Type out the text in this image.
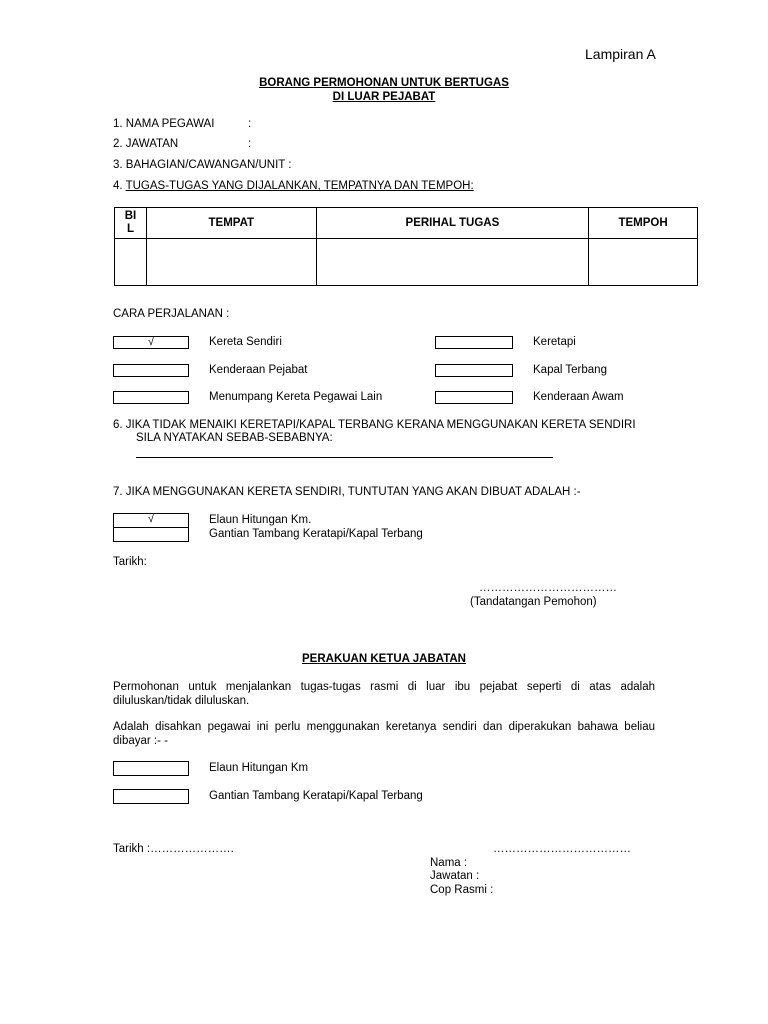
Lampiran A
BORANG PERMOHONAN UNTUK BERTUGAS
DI LUAR PEJABAT
1. NAMA PEGAWAI	:
2. JAWATAN	:
3. BAHAGIAN/CAWANGAN/UNIT :
4. TUGAS-TUGAS YANG DIJALANKAN, TEMPATNYA DAN TEMPOH:
BI
L	TEMPAT	PERIHAL TUGAS	TEMPOH

CARA PERJALANAN :
√	Kereta Sendiri	Keretapi
Kenderaan Pejabat	Kapal Terbang
Menumpang Kereta Pegawai Lain	Kenderaan Awam
6. JIKA TIDAK MENAIKI KERETAPI/KAPAL TERBANG KERANA MENGGUNAKAN KERETA SENDIRI
SILA NYATAKAN SEBAB-SEBABNYA:
7. JIKA MENGGUNAKAN KERETA SENDIRI, TUNTUTAN YANG AKAN DIBUAT ADALAH :-
√	Elaun Hitungan Km.
Gantian Tambang Keratapi/Kapal Terbang
Tarikh:
………………………………
(Tandatangan Pemohon)
PERAKUAN KETUA JABATAN
Permohonan untuk menjalankan tugas-tugas rasmi di luar ibu pejabat seperti di atas adalah diluluskan/tidak diluluskan.
Adalah disahkan pegawai ini perlu menggunakan keretanya sendiri dan diperakukan bahawa beliau dibayar :- -
Elaun Hitungan Km
Gantian Tambang Keratapi/Kapal Terbang
Tarikh :………………….	………………………………
Nama :
Jawatan :
Cop Rasmi :
